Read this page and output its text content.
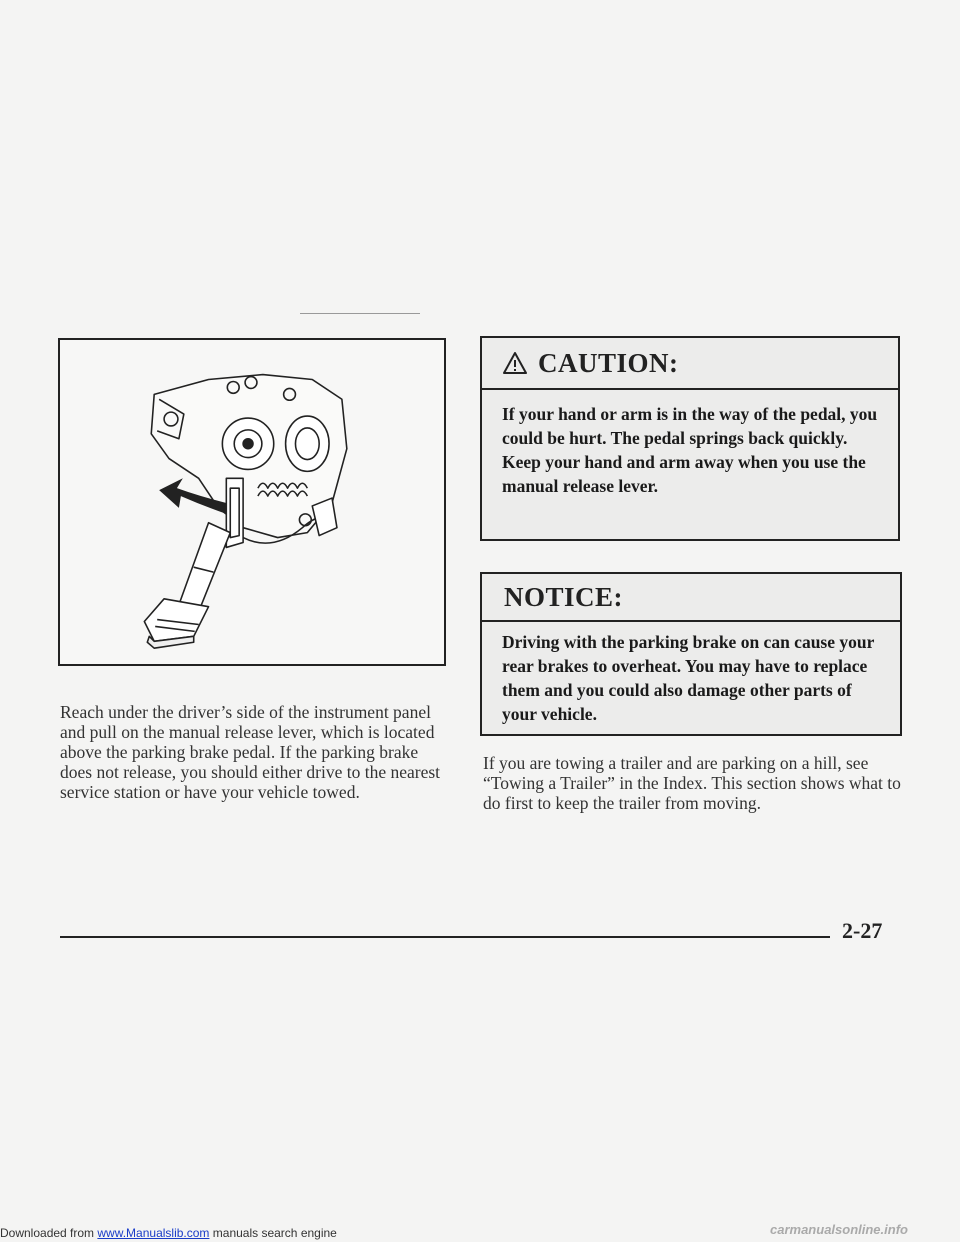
Reach under the driver’s side of the instrument panel and pull on the manual release lever, which is located above the parking brake pedal. If the parking brake does not release, you should either drive to the nearest service station or have your vehicle towed.
CAUTION:
If your hand or arm is in the way of the pedal, you could be hurt. The pedal springs back quickly. Keep your hand and arm away when you use the manual release lever.
NOTICE:
Driving with the parking brake on can cause your rear brakes to overheat. You may have to replace them and you could also damage other parts of your vehicle.
If you are towing a trailer and are parking on a hill, see “Towing a Trailer” in the Index. This section shows what to do first to keep the trailer from moving.
2-27
Downloaded from www.Manualslib.com manuals search engine	carmanualsonline.info
